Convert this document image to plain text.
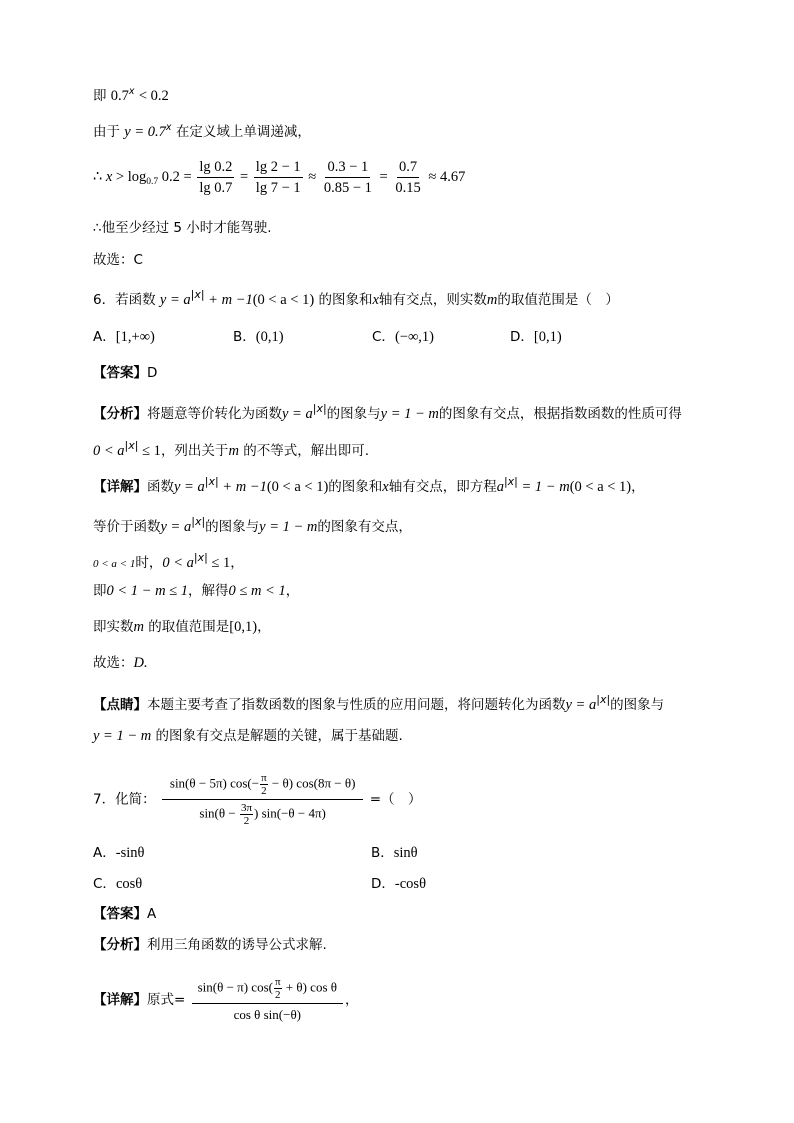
即 $0.7^x < 0.2$
由于 $y = 0.7^x$ 在定义域上单调递减，
∴ $x > \log_{0.7} 0.2 = \frac{\lg 0.2}{\lg 0.7} = \frac{\lg 2 - 1}{\lg 7 - 1} \approx \frac{0.3 - 1}{0.85 - 1} = \frac{0.7}{0.15} \approx 4.67$
∴他至少经过 5 小时才能驾驶.
故选：C
6．若函数 $y = a^{|x|} + m -1(0 < a < 1)$ 的图象和x轴有交点，则实数m的取值范围是（　）
A．[1,+∞)	B．(0,1)	C．(−∞,1)	D．[0,1)
【答案】D
【分析】将题意等价转化为函数$y = a^{|x|}$的图象与y = 1 − m的图象有交点，根据指数函数的性质可得
$0 < a^{|x|} \le 1$，列出关于m 的不等式，解出即可.
【详解】函数$y = a^{|x|} + m -1(0 < a < 1)$的图象和x轴有交点，即方程$a^{|x|} = 1 - m(0 < a < 1)$，
等价于函数$y = a^{|x|}$的图象与y = 1 − m的图象有交点，
0 < a < 1时，$0 < a^{|x|} \le 1$，
即0 < 1 − m ≤ 1，解得0 ≤ m < 1，
即实数m 的取值范围是[0,1)，
故选：D.
【点睛】本题主要考查了指数函数的图象与性质的应用问题，将问题转化为函数$y = a^{|x|}$的图象与
y = 1 − m 的图象有交点是解题的关键，属于基础题.
7．化简： $\frac{\sin(\theta - 5\pi) \cos(- \frac{\pi}{2} - \theta) \cos(8\pi - \theta)}{\sin(\theta - \frac{3\pi}{2} ) \sin(-\theta - 4\pi)}$ =（　）
A．-sinθ	B．sinθ
C．cosθ	D．-cosθ
【答案】A
【分析】利用三角函数的诱导公式求解.
【详解】原式= $\frac{\sin(\theta - \pi) \cos( \frac{\pi}{2} + \theta) \cos \theta}{\text{cos θ sin(−θ)}}$ ，
